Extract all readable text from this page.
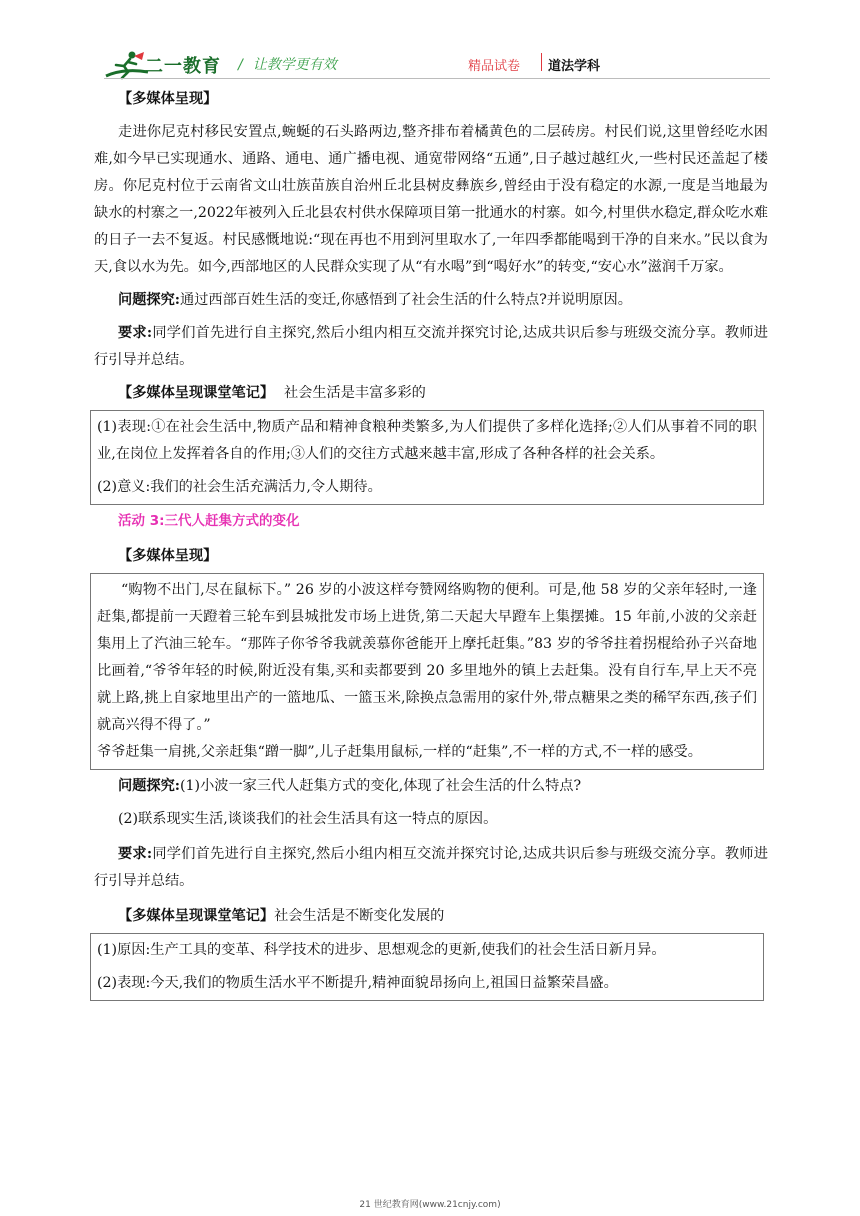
二一教育 / 让教学更有效	精品试卷 道法学科

【多媒体呈现】

走进你尼克村移民安置点,蜿蜒的石头路两边,整齐排布着橘黄色的二层砖房。村民们说,这里曾经吃水困难,如今早已实现通水、通路、通电、通广播电视、通宽带网络“五通”,日子越过越红火,一些村民还盖起了楼房。你尼克村位于云南省文山壮族苗族自治州丘北县树皮彝族乡,曾经由于没有稳定的水源,一度是当地最为缺水的村寨之一,2022年被列入丘北县农村供水保障项目第一批通水的村寨。如今,村里供水稳定,群众吃水难的日子一去不复返。村民感慨地说:“现在再也不用到河里取水了,一年四季都能喝到干净的自来水。”民以食为天,食以水为先。如今,西部地区的人民群众实现了从“有水喝”到“喝好水”的转变,“安心水”滋润千万家。

问题探究:通过西部百姓生活的变迁,你感悟到了社会生活的什么特点?并说明原因。

要求:同学们首先进行自主探究,然后小组内相互交流并探究讨论,达成共识后参与班级交流分享。教师进行引导并总结。

【多媒体呈现课堂笔记】 社会生活是丰富多彩的

(1)表现:①在社会生活中,物质产品和精神食粮种类繁多,为人们提供了多样化选择;②人们从事着不同的职业,在岗位上发挥着各自的作用;③人们的交往方式越来越丰富,形成了各种各样的社会关系。

(2)意义:我们的社会生活充满活力,令人期待。

活动 3:三代人赶集方式的变化

【多媒体呈现】

“购物不出门,尽在鼠标下。” 26 岁的小波这样夸赞网络购物的便利。可是,他 58 岁的父亲年轻时,一逢赶集,都提前一天蹬着三轮车到县城批发市场上进货,第二天起大早蹬车上集摆摊。15 年前,小波的父亲赶集用上了汽油三轮车。“那阵子你爷爷我就羡慕你爸能开上摩托赶集。”83 岁的爷爷拄着拐棍给孙子兴奋地比画着,“爷爷年轻的时候,附近没有集,买和卖都要到 20 多里地外的镇上去赶集。没有自行车,早上天不亮就上路,挑上自家地里出产的一篮地瓜、一篮玉米,除换点急需用的家什外,带点糖果之类的稀罕东西,孩子们就高兴得不得了。”

爷爷赶集一肩挑,父亲赶集“蹭一脚”,儿子赶集用鼠标,一样的“赶集”,不一样的方式,不一样的感受。

问题探究:(1)小波一家三代人赶集方式的变化,体现了社会生活的什么特点?

(2)联系现实生活,谈谈我们的社会生活具有这一特点的原因。

要求:同学们首先进行自主探究,然后小组内相互交流并探究讨论,达成共识后参与班级交流分享。教师进行引导并总结。

【多媒体呈现课堂笔记】社会生活是不断变化发展的

(1)原因:生产工具的变革、科学技术的进步、思想观念的更新,使我们的社会生活日新月异。

(2)表现:今天,我们的物质生活水平不断提升,精神面貌昂扬向上,祖国日益繁荣昌盛。

21 世纪教育网(www.21cnjy.com)
